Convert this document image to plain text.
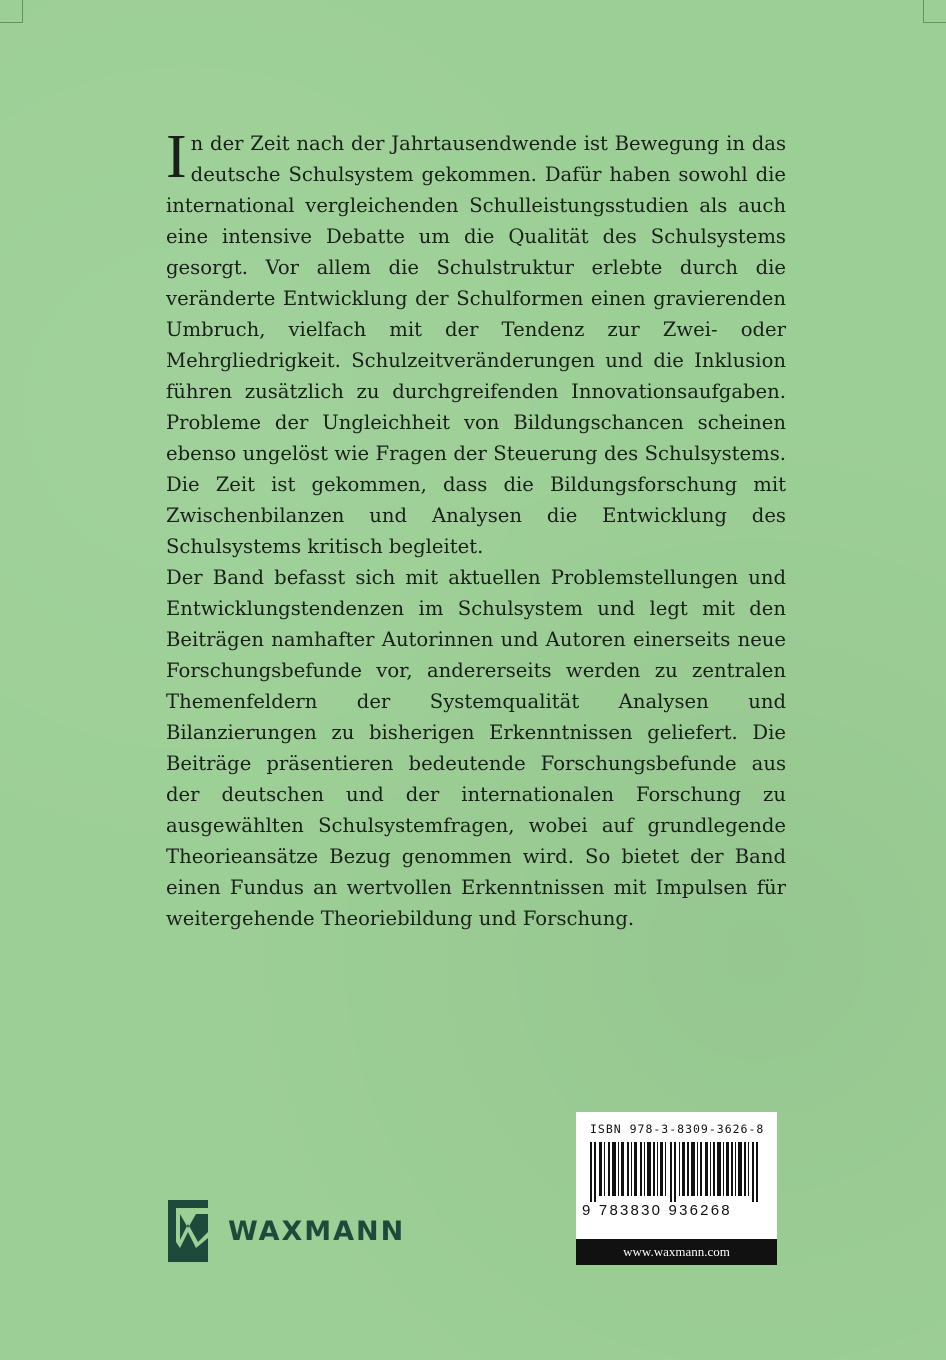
In der Zeit nach der Jahrtausendwende ist Bewegung in das deutsche Schulsystem gekommen. Dafür haben sowohl die international vergleichenden Schulleistungsstudien als auch eine intensive Debatte um die Qualität des Schulsystems gesorgt. Vor allem die Schulstruktur erlebte durch die veränderte Entwicklung der Schulformen einen gravierenden Umbruch, vielfach mit der Tendenz zur Zwei- oder Mehrgliedrigkeit. Schulzeitveränderungen und die Inklusion führen zusätzlich zu durchgreifenden Innovationsaufgaben. Probleme der Ungleichheit von Bildungschancen scheinen ebenso ungelöst wie Fragen der Steuerung des Schulsystems. Die Zeit ist gekommen, dass die Bildungsforschung mit Zwischenbilanzen und Analysen die Entwicklung des Schulsystems kritisch begleitet.

Der Band befasst sich mit aktuellen Problemstellungen und Entwicklungstendenzen im Schulsystem und legt mit den Beiträgen namhafter Autorinnen und Autoren einerseits neue Forschungsbefunde vor, andererseits werden zu zentralen Themenfeldern der Systemqualität Analysen und Bilanzierungen zu bisherigen Erkenntnissen geliefert. Die Beiträge präsentieren bedeutende Forschungsbefunde aus der deutschen und der internationalen Forschung zu ausgewählten Schulsystemfragen, wobei auf grundlegende Theorieansätze Bezug genommen wird. So bietet der Band einen Fundus an wertvollen Erkenntnissen mit Impulsen für weitergehende Theoriebildung und Forschung.

WAXMANN
ISBN 978-3-8309-3626-8
9 783830 936268
www.waxmann.com
